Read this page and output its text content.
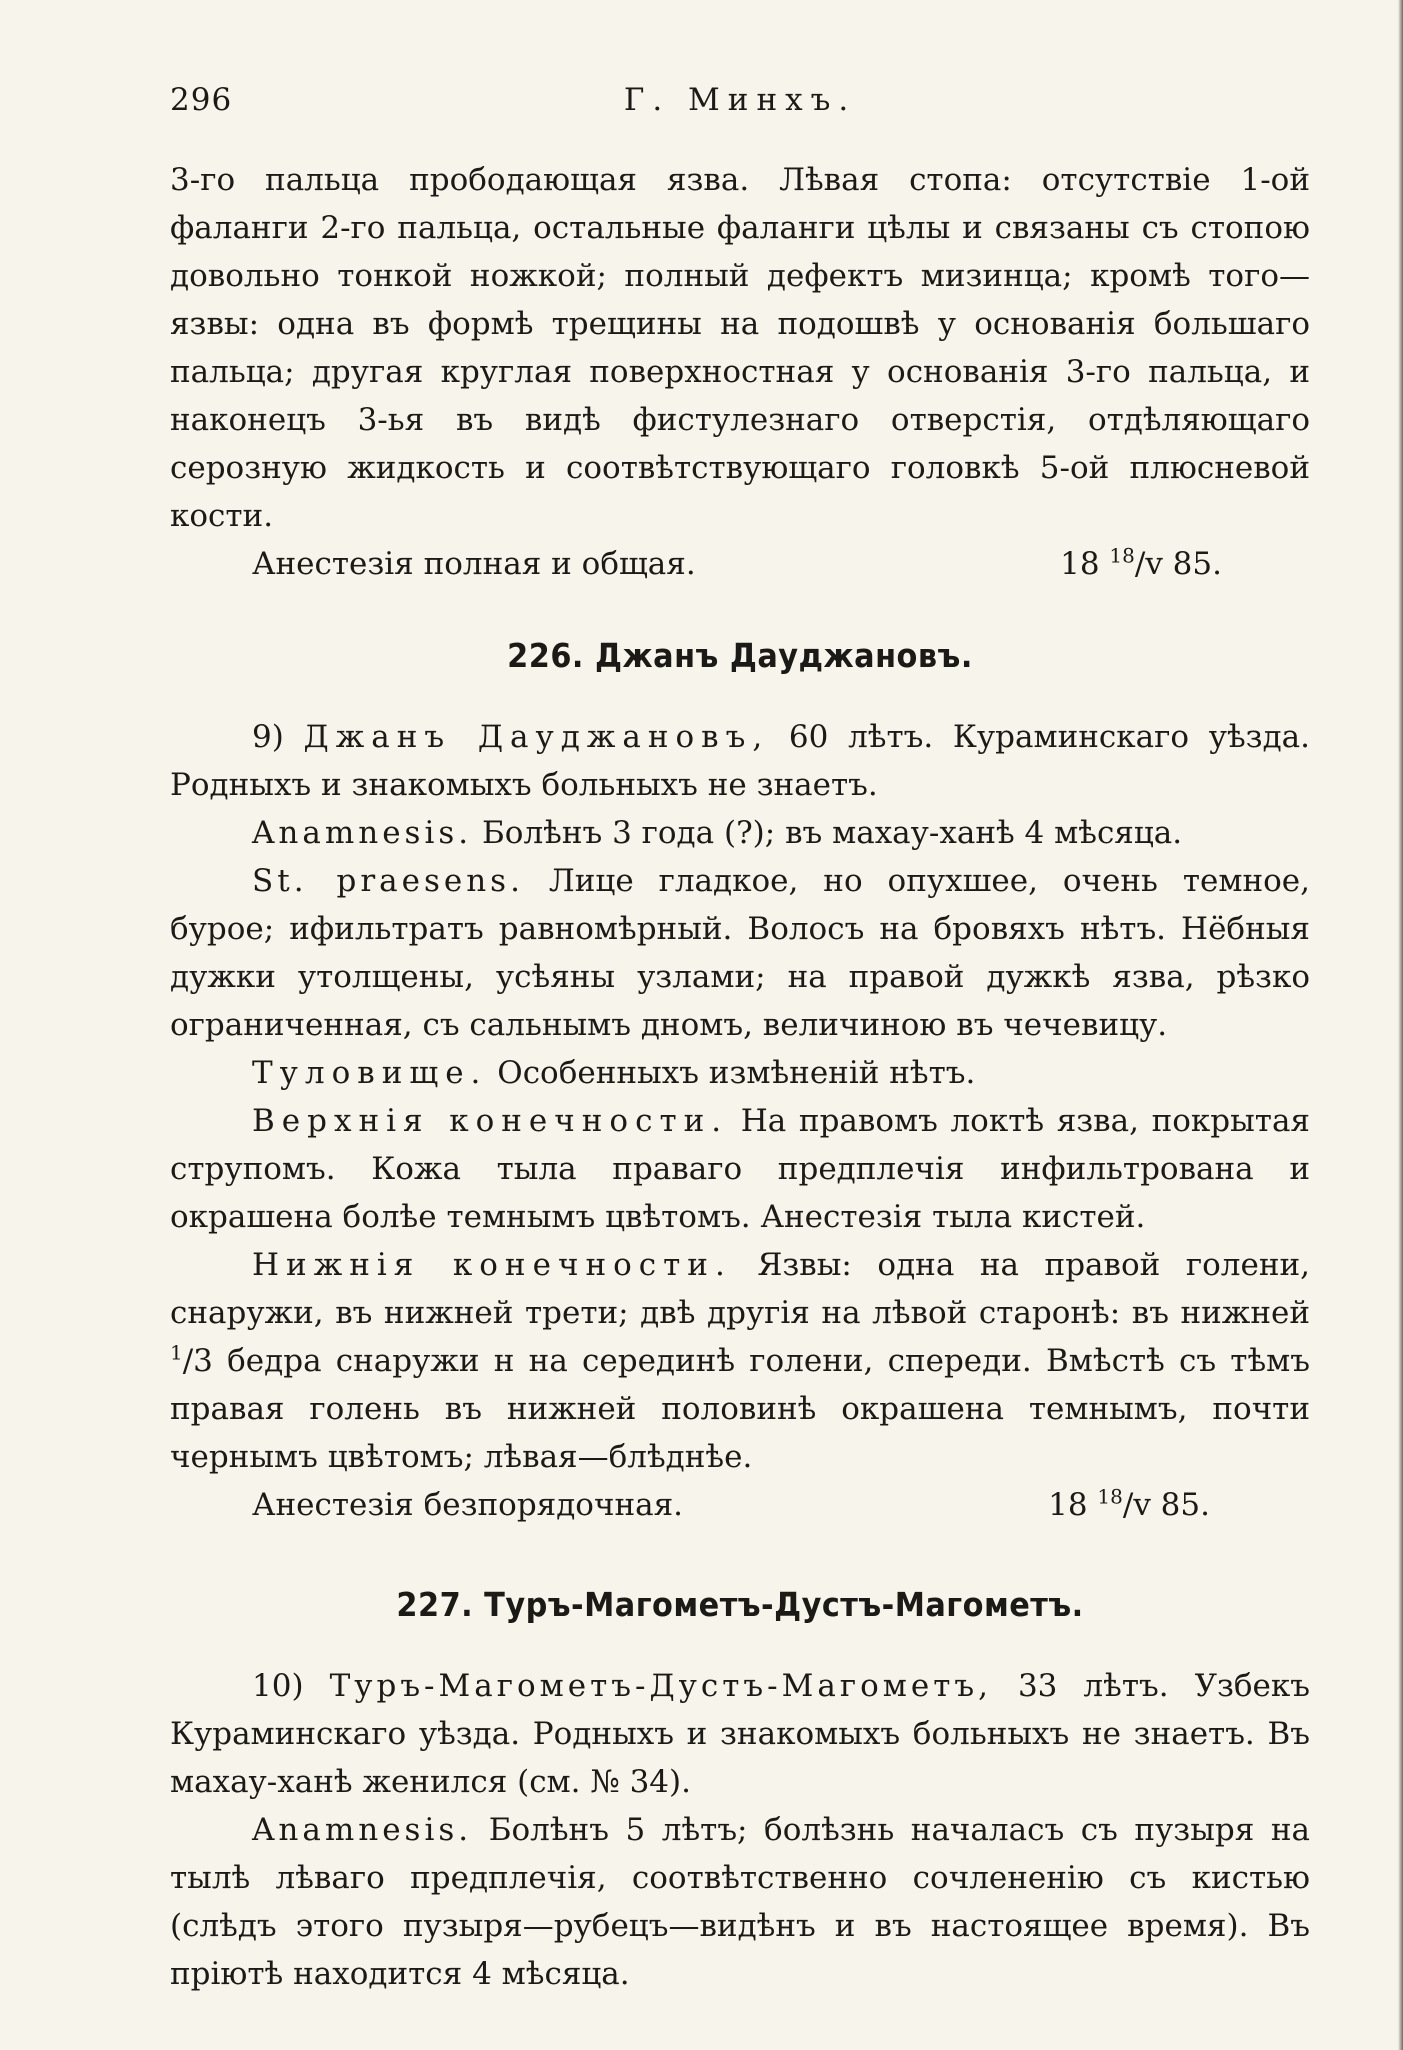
296	Г. Минхъ.

3-го пальца прободающая язва. Лѣвая стопа: отсутствіе 1-ой фаланги 2-го пальца, остальные фаланги цѣлы и связаны съ стопою довольно тонкой ножкой; полный дефектъ мизинца; кромѣ того—язвы: одна въ формѣ трещины на подошвѣ у основанія большаго пальца; другая круглая поверхностная у основанія 3-го пальца, и наконецъ 3-ья въ видѣ фистулезнаго отверстія, отдѣляющаго серозную жидкость и соотвѣтствующаго головкѣ 5-ой плюсневой кости.

Анестезія полная и общая.	18 $^{18}$/v 85.

226. Джанъ Дауджановъ.

9) Джанъ Дауджановъ, 60 лѣтъ. Кураминскаго уѣзда. Родныхъ и знакомыхъ больныхъ не знаетъ.

Anamnesis. Болѣнъ 3 года (?); въ махау-ханѣ 4 мѣсяца.

St. praesens. Лице гладкое, но опухшее, очень темное, бурое; ифильтратъ равномѣрный. Волосъ на бровяхъ нѣтъ. Нёбныя дужки утолщены, усѣяны узлами; на правой дужкѣ язва, рѣзко ограниченная, съ сальнымъ дномъ, величиною въ чечевицу.

Туловище. Особенныхъ измѣненій нѣтъ.

Верхнія конечности. На правомъ локтѣ язва, покрытая струпомъ. Кожа тыла праваго предплечія инфильтрована и окрашена болѣе темнымъ цвѣтомъ. Анестезія тыла кистей.

Нижнія конечности. Язвы: одна на правой голени, снаружи, въ нижней трети; двѣ другія на лѣвой старонѣ: въ нижней $^1$/3 бедра снаружи н на серединѣ голени, спереди. Вмѣстѣ съ тѣмъ правая голень въ нижней половинѣ окрашена темнымъ, почти чернымъ цвѣтомъ; лѣвая—блѣднѣе.

Анестезія безпорядочная.	18 $^{18}$/v 85.

227. Туръ-Магометъ-Дустъ-Магометъ.

10) Туръ-Магометъ-Дустъ-Магометъ, 33 лѣтъ. Узбекъ Кураминскаго уѣзда. Родныхъ и знакомыхъ больныхъ не знаетъ. Въ махау-ханѣ женился (см. № 34).

Anamnesis. Болѣнъ 5 лѣтъ; болѣзнь началасъ съ пузыря на тылѣ лѣваго предплечія, соотвѣтственно сочлененію съ кистью (слѣдъ этого пузыря—рубецъ—видѣнъ и въ настоящее время). Въ пріютѣ находится 4 мѣсяца.
